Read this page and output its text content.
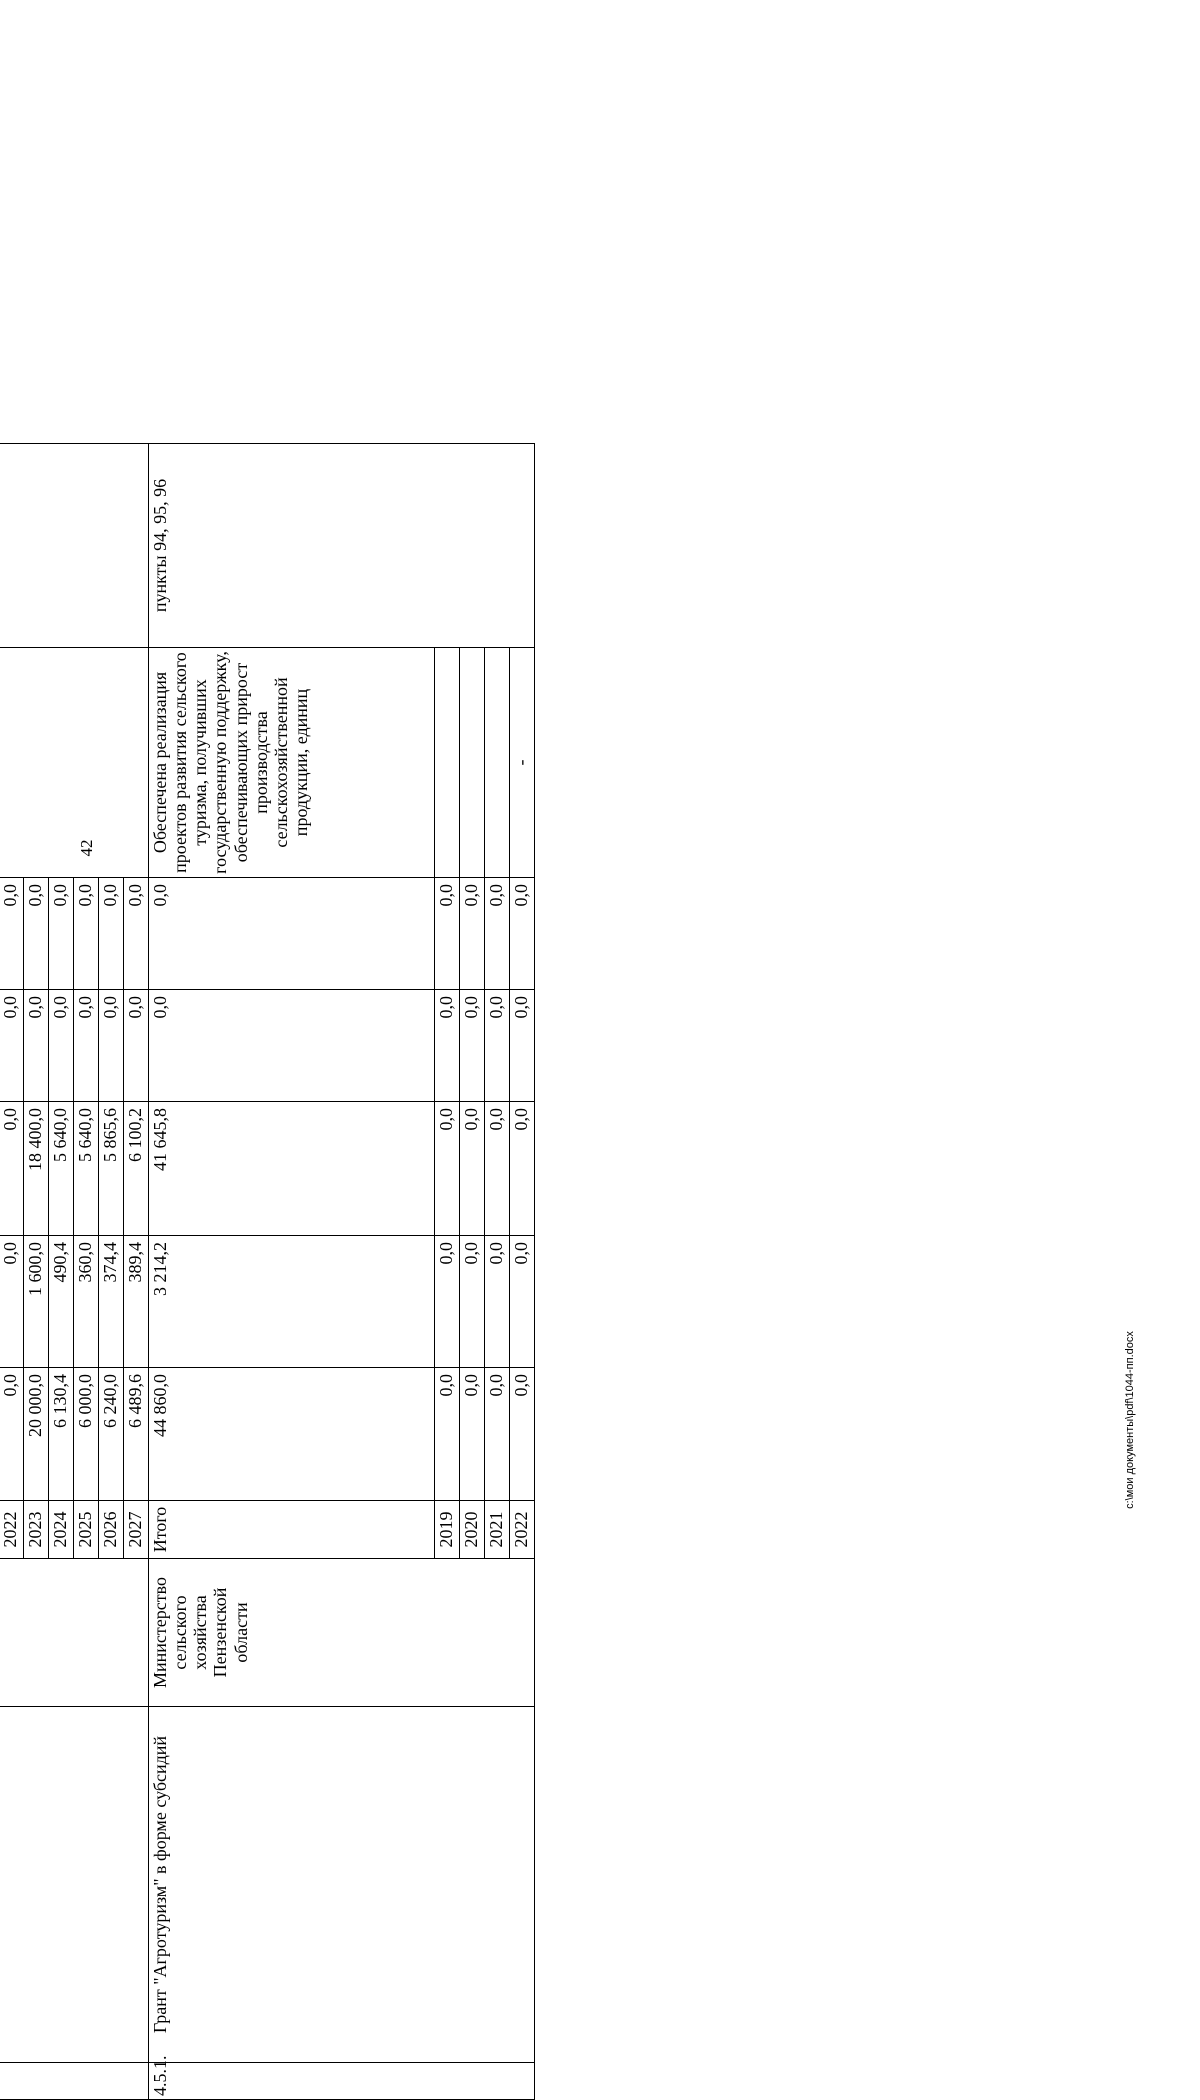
42

			2022	0,0	0,0	0,0	0,0	0,0		
			2023	20 000,0	1 600,0	18 400,0	0,0	0,0		
			2024	6 130,4	490,4	5 640,0	0,0	0,0		
			2025	6 000,0	360,0	5 640,0	0,0	0,0		
			2026	6 240,0	374,4	5 865,6	0,0	0,0		
			2027	6 489,6	389,4	6 100,2	0,0	0,0		
4.5.1.	Грант "Агротуризм" в форме субсидий	Министерство сельского хозяйства Пензенской области	Итого	44 860,0	3 214,2	41 645,8	0,0	0,0	Обеспечена реализация проектов развития сельского туризма, получивших государственную поддержку, обеспечивающих прирост производства сельскохозяйственной продукции, единиц	пункты 94, 95, 96
			2019	0,0	0,0	0,0	0,0	0,0		
			2020	0,0	0,0	0,0	0,0	0,0		
			2021	0,0	0,0	0,0	0,0	0,0		
			2022	0,0	0,0	0,0	0,0	0,0	-	
c:\мои документы\pdf\1044-пп.docx
